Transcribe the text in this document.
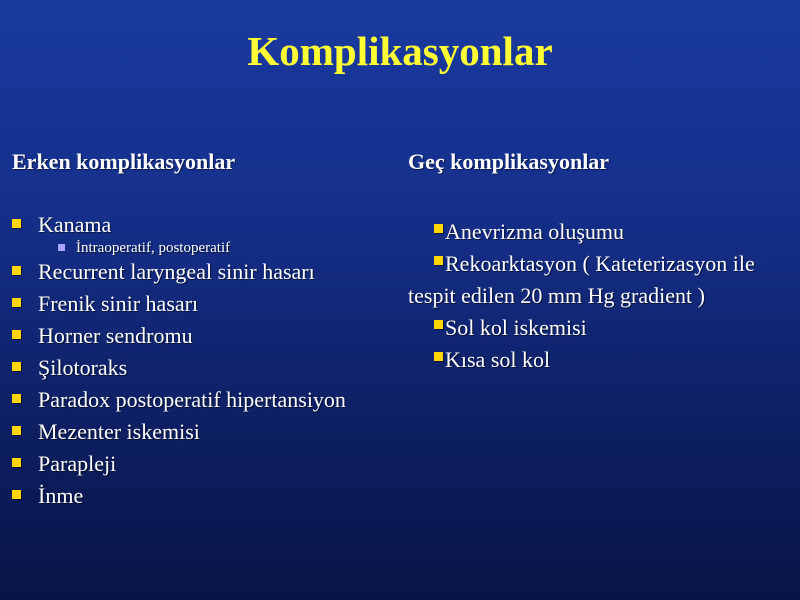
Komplikasyonlar
Erken komplikasyonlar	Geç komplikasyonlar
Kanama
İntraoperatif, postoperatif
Recurrent laryngeal sinir hasarı
Frenik sinir hasarı
Horner sendromu
Şilotoraks
Paradox postoperatif hipertansiyon
Mezenter iskemisi
Parapleji
İnme
Anevrizma oluşumu
Rekoarktasyon ( Kateterizasyon ile tespit edilen 20 mm Hg gradient )
Sol kol iskemisi
Kısa sol kol
